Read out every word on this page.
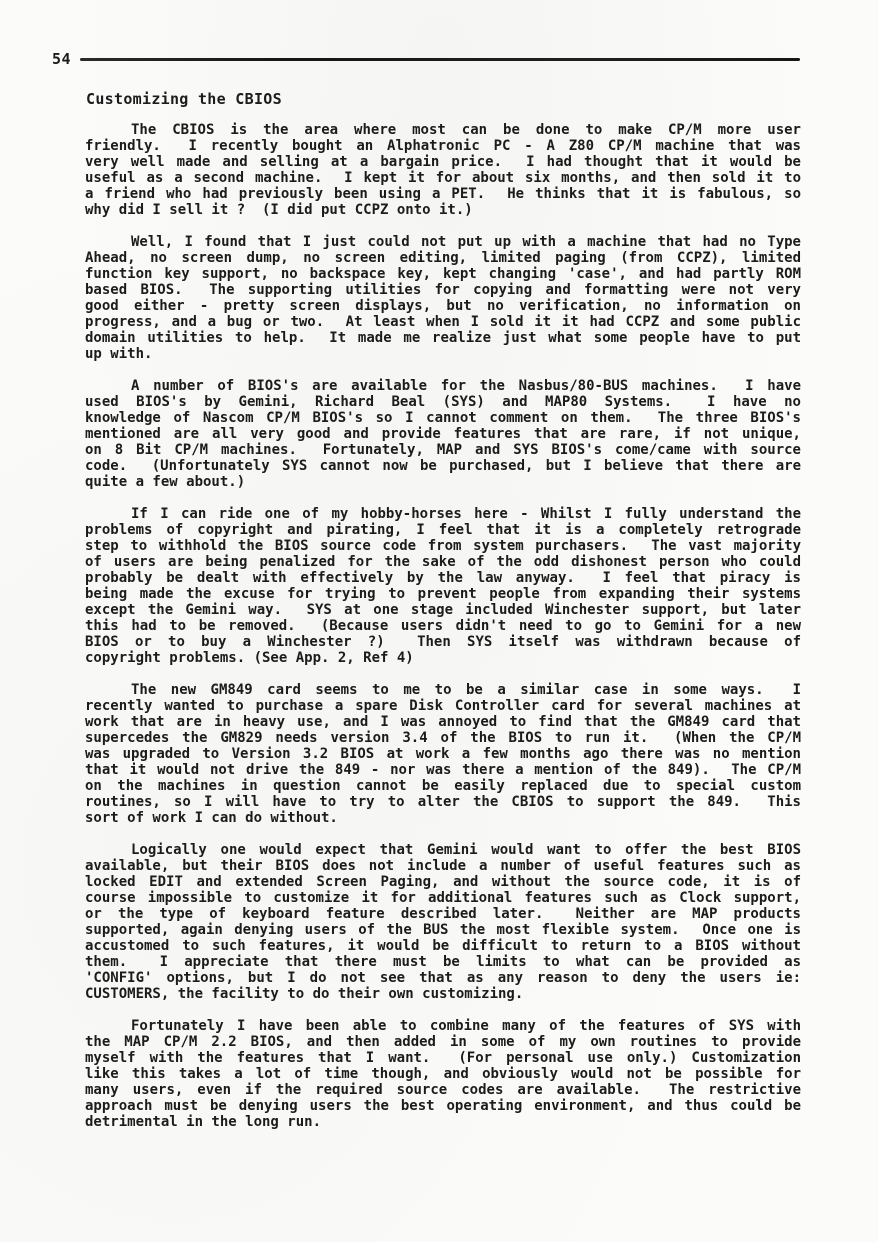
54
Customizing the CBIOS

The CBIOS is the area where most can be done to make CP/M more user
friendly.  I recently bought an Alphatronic PC - A Z80 CP/M machine that was
very well made and selling at a bargain price.  I had thought that it would be
useful as a second machine.  I kept it for about six months, and then sold it to
a friend who had previously been using a PET.  He thinks that it is fabulous, so
why did I sell it ?  (I did put CCPZ onto it.)

Well, I found that I just could not put up with a machine that had no Type
Ahead, no screen dump, no screen editing, limited paging (from CCPZ), limited
function key support, no backspace key, kept changing 'case', and had partly ROM
based BIOS.  The supporting utilities for copying and formatting were not very
good either - pretty screen displays, but no verification, no information on
progress, and a bug or two.  At least when I sold it it had CCPZ and some public
domain utilities to help.  It made me realize just what some people have to put
up with.

A number of BIOS's are available for the Nasbus/80-BUS machines.  I have
used BIOS's by Gemini, Richard Beal (SYS) and MAP80 Systems.  I have no
knowledge of Nascom CP/M BIOS's so I cannot comment on them.  The three BIOS's
mentioned are all very good and provide features that are rare, if not unique,
on 8 Bit CP/M machines.  Fortunately, MAP and SYS BIOS's come/came with source
code.  (Unfortunately SYS cannot now be purchased, but I believe that there are
quite a few about.)

If I can ride one of my hobby-horses here - Whilst I fully understand the
problems of copyright and pirating, I feel that it is a completely retrograde
step to withhold the BIOS source code from system purchasers.  The vast majority
of users are being penalized for the sake of the odd dishonest person who could
probably be dealt with effectively by the law anyway.  I feel that piracy is
being made the excuse for trying to prevent people from expanding their systems
except the Gemini way.  SYS at one stage included Winchester support, but later
this had to be removed.  (Because users didn't need to go to Gemini for a new
BIOS or to buy a Winchester ?)  Then SYS itself was withdrawn because of
copyright problems. (See App. 2, Ref 4)

The new GM849 card seems to me to be a similar case in some ways.  I
recently wanted to purchase a spare Disk Controller card for several machines at
work that are in heavy use, and I was annoyed to find that the GM849 card that
supercedes the GM829 needs version 3.4 of the BIOS to run it.  (When the CP/M
was upgraded to Version 3.2 BIOS at work a few months ago there was no mention
that it would not drive the 849 - nor was there a mention of the 849).  The CP/M
on the machines in question cannot be easily replaced due to special custom
routines, so I will have to try to alter the CBIOS to support the 849.  This
sort of work I can do without.

Logically one would expect that Gemini would want to offer the best BIOS
available, but their BIOS does not include a number of useful features such as
locked EDIT and extended Screen Paging, and without the source code, it is of
course impossible to customize it for additional features such as Clock support,
or the type of keyboard feature described later.  Neither are MAP products
supported, again denying users of the BUS the most flexible system.  Once one is
accustomed to such features, it would be difficult to return to a BIOS without
them.  I appreciate that there must be limits to what can be provided as
'CONFIG' options, but I do not see that as any reason to deny the users ie:
CUSTOMERS, the facility to do their own customizing.

Fortunately I have been able to combine many of the features of SYS with
the MAP CP/M 2.2 BIOS, and then added in some of my own routines to provide
myself with the features that I want.  (For personal use only.) Customization
like this takes a lot of time though, and obviously would not be possible for
many users, even if the required source codes are available.  The restrictive
approach must be denying users the best operating environment, and thus could be
detrimental in the long run.
